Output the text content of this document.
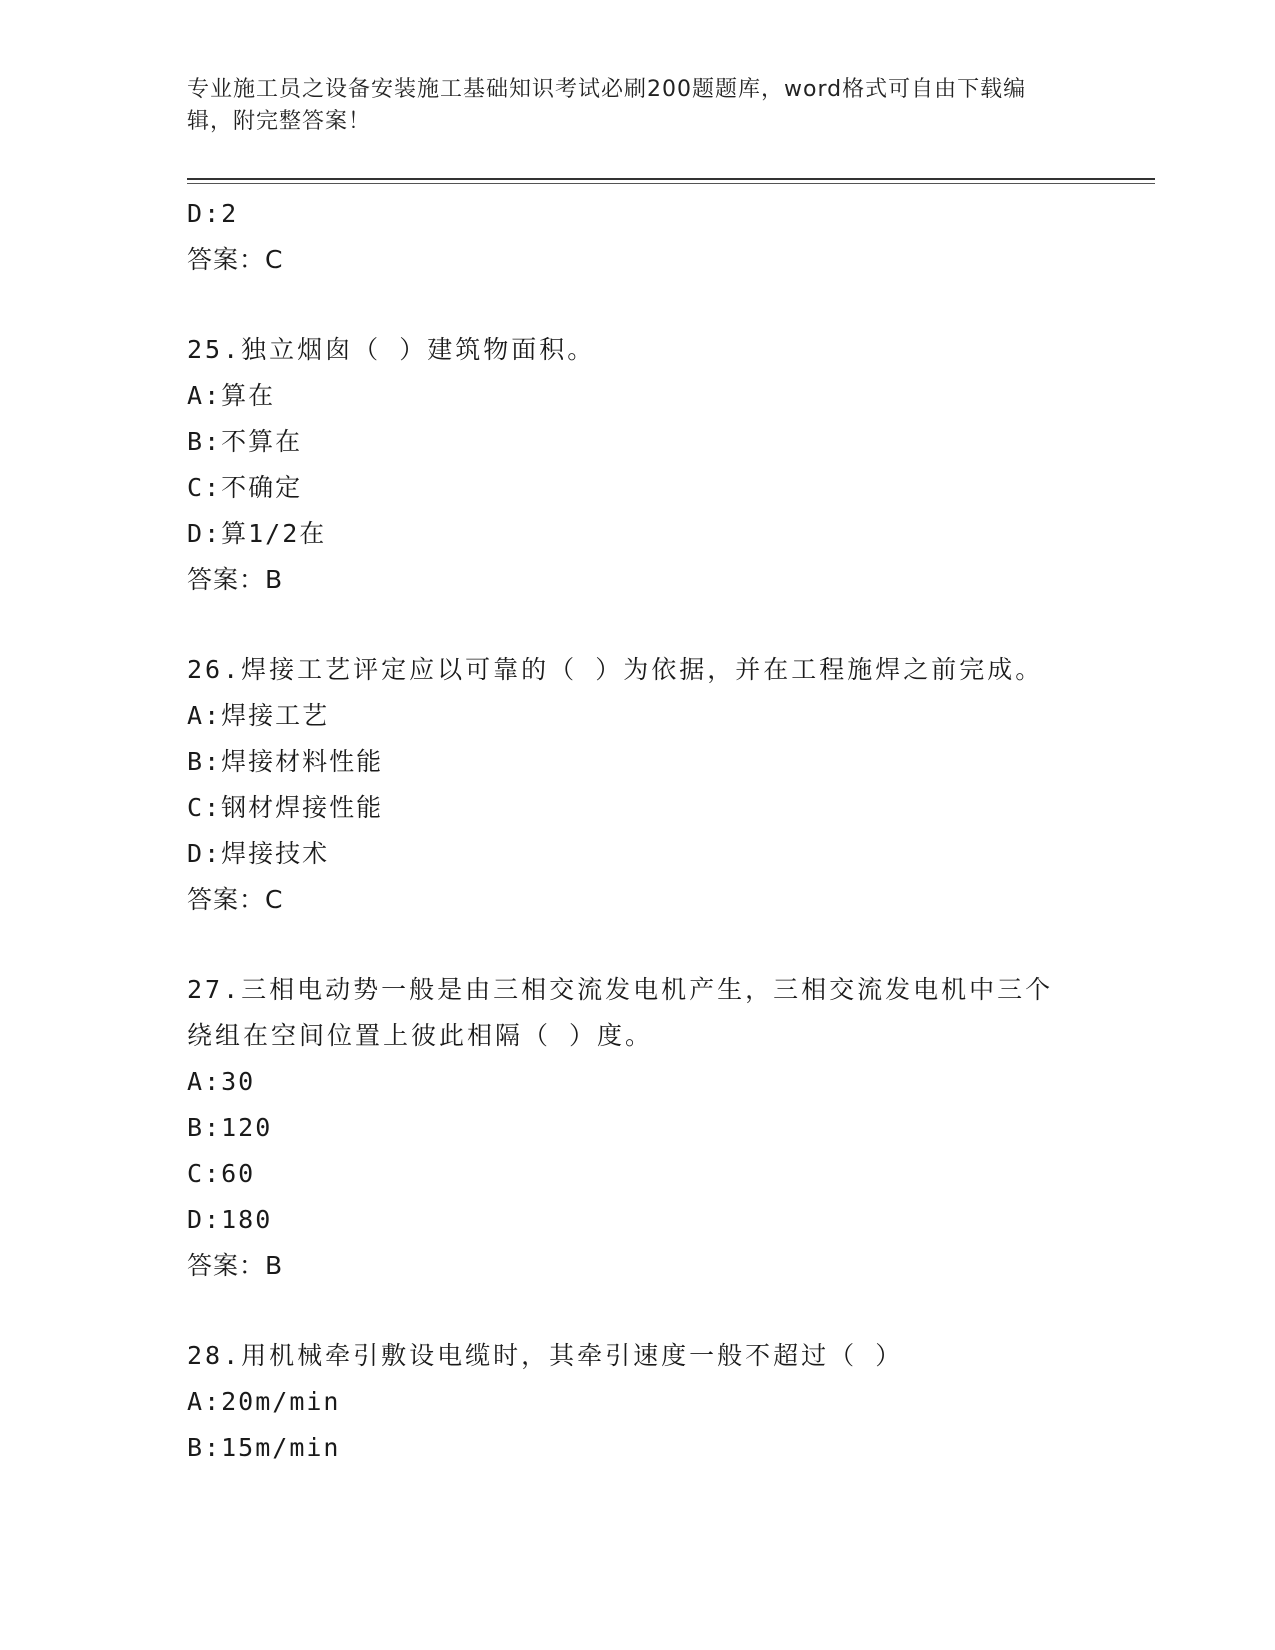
专业施工员之设备安装施工基础知识考试必刷200题题库，word格式可自由下载编辑，附完整答案！
D:2
答案：C
25.独立烟囱（ ）建筑物面积。
A:算在
B:不算在
C:不确定
D:算1/2在
答案：B
26.焊接工艺评定应以可靠的（ ）为依据，并在工程施焊之前完成。
A:焊接工艺
B:焊接材料性能
C:钢材焊接性能
D:焊接技术
答案：C
27.三相电动势一般是由三相交流发电机产生，三相交流发电机中三个绕组在空间位置上彼此相隔（ ）度。
A:30
B:120
C:60
D:180
答案：B
28.用机械牵引敷设电缆时，其牵引速度一般不超过（ ）
A:20m/min
B:15m/min
